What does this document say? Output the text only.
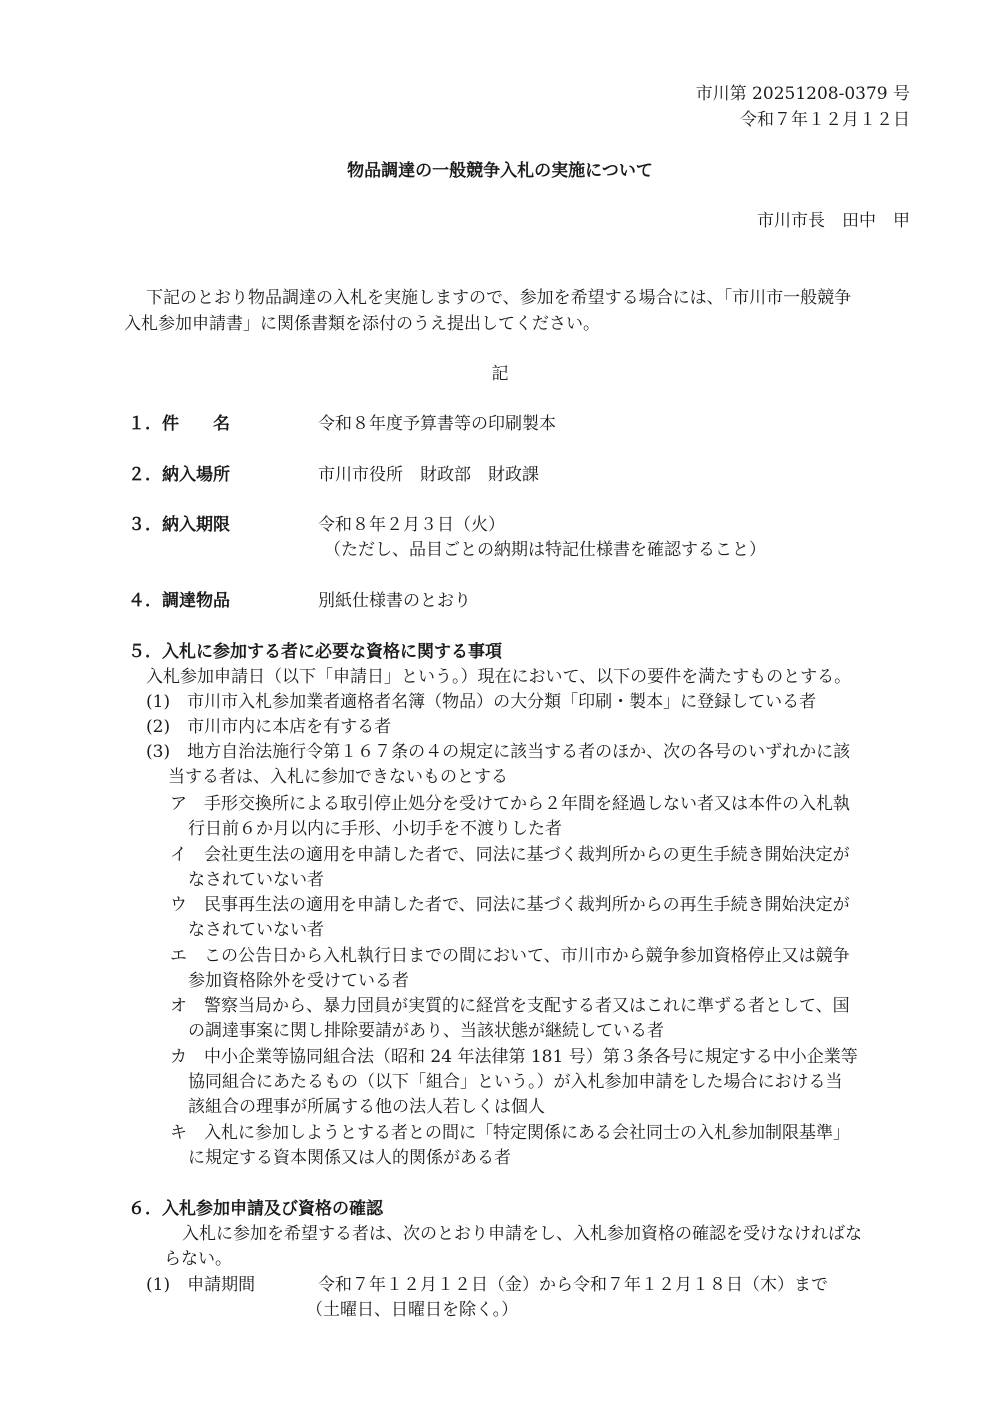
市川第 20251208-0379 号
令和７年１２月１２日
物品調達の一般競争入札の実施について
市川市長　田中　甲
下記のとおり物品調達の入札を実施しますので、参加を希望する場合には、「市川市一般競争
入札参加申請書」に関係書類を添付のうえ提出してください。
記
１．件　　名	令和８年度予算書等の印刷製本
２．納入場所	市川市役所　財政部　財政課
３．納入期限	令和８年２月３日（火）
（ただし、品目ごとの納期は特記仕様書を確認すること）
４．調達物品	別紙仕様書のとおり
５．入札に参加する者に必要な資格に関する事項
入札参加申請日（以下「申請日」という。）現在において、以下の要件を満たすものとする。
(1)　市川市入札参加業者適格者名簿（物品）の大分類「印刷・製本」に登録している者
(2)　市川市内に本店を有する者
(3)　地方自治法施行令第１６７条の４の規定に該当する者のほか、次の各号のいずれかに該
当する者は、入札に参加できないものとする
ア　手形交換所による取引停止処分を受けてから２年間を経過しない者又は本件の入札執
行日前６か月以内に手形、小切手を不渡りした者
イ　会社更生法の適用を申請した者で、同法に基づく裁判所からの更生手続き開始決定が
なされていない者
ウ　民事再生法の適用を申請した者で、同法に基づく裁判所からの再生手続き開始決定が
なされていない者
エ　この公告日から入札執行日までの間において、市川市から競争参加資格停止又は競争
参加資格除外を受けている者
オ　警察当局から、暴力団員が実質的に経営を支配する者又はこれに準ずる者として、国
の調達事案に関し排除要請があり、当該状態が継続している者
カ　中小企業等協同組合法（昭和 24 年法律第 181 号）第３条各号に規定する中小企業等
協同組合にあたるもの（以下「組合」という。）が入札参加申請をした場合における当
該組合の理事が所属する他の法人若しくは個人
キ　入札に参加しようとする者との間に「特定関係にある会社同士の入札参加制限基準」
に規定する資本関係又は人的関係がある者
６．入札参加申請及び資格の確認
入札に参加を希望する者は、次のとおり申請をし、入札参加資格の確認を受けなければな
らない。
(1)　申請期間	令和７年１２月１２日（金）から令和７年１２月１８日（木）まで
（土曜日、日曜日を除く。）
